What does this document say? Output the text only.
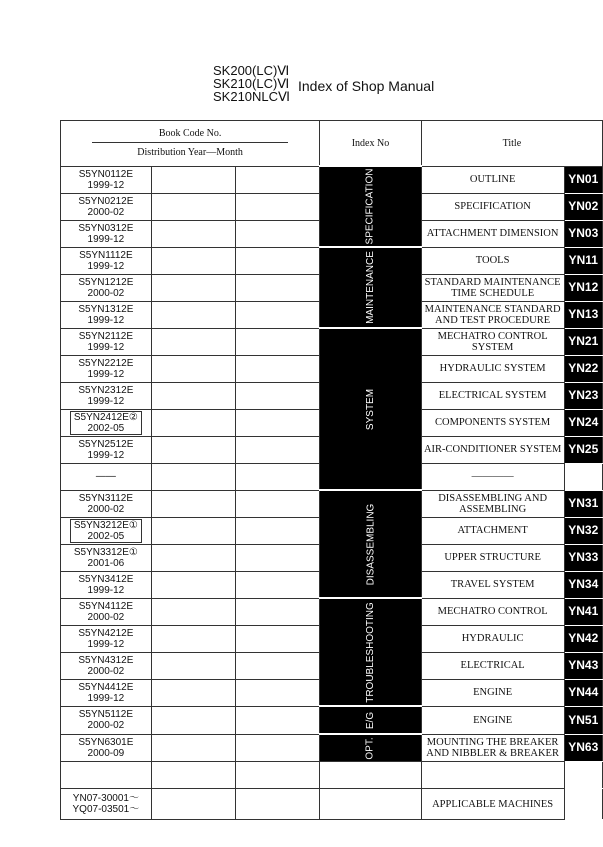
SK200(LC)Ⅵ
SK210(LC)Ⅵ
SK210NLCⅥ
Index of Shop Manual
Book Code No.
Distribution Year—Month			Index No	Title	
S5YN0112E
1999-12			SPECIFICATION	OUTLINE	YN01
S5YN0212E
2000-02				SPECIFICATION	YN02
S5YN0312E
1999-12				ATTACHMENT DIMENSION	YN03
S5YN1112E
1999-12			MAINTENANCE	TOOLS	YN11
S5YN1212E
2000-02				STANDARD MAINTENANCE TIME SCHEDULE	YN12
S5YN1312E
1999-12				MAINTENANCE STANDARD AND TEST PROCEDURE	YN13
S5YN2112E
1999-12			SYSTEM	MECHATRO CONTROL SYSTEM	YN21
S5YN2212E
1999-12				HYDRAULIC SYSTEM	YN22
S5YN2312E
1999-12				ELECTRICAL SYSTEM	YN23
S5YN2412E②
2002-05				COMPONENTS SYSTEM	YN24
S5YN2512E
1999-12				AIR-CONDITIONER SYSTEM	YN25
——				————	
S5YN3112E
2000-02			DISASSEMBLING	DISASSEMBLING AND ASSEMBLING	YN31
S5YN3212E①
2002-05				ATTACHMENT	YN32
S5YN3312E①
2001-06				UPPER STRUCTURE	YN33
S5YN3412E
1999-12				TRAVEL SYSTEM	YN34
S5YN4112E
2000-02			TROUBLESHOOTING	MECHATRO CONTROL	YN41
S5YN4212E
1999-12				HYDRAULIC	YN42
S5YN4312E
2000-02				ELECTRICAL	YN43
S5YN4412E
1999-12				ENGINE	YN44
S5YN5112E
2000-02			E/G	ENGINE	YN51
S5YN6301E
2000-09			OPT.	MOUNTING THE BREAKER AND NIBBLER & BREAKER	YN63

YN07-30001～
YQ07-03501～				APPLICABLE MACHINES	
